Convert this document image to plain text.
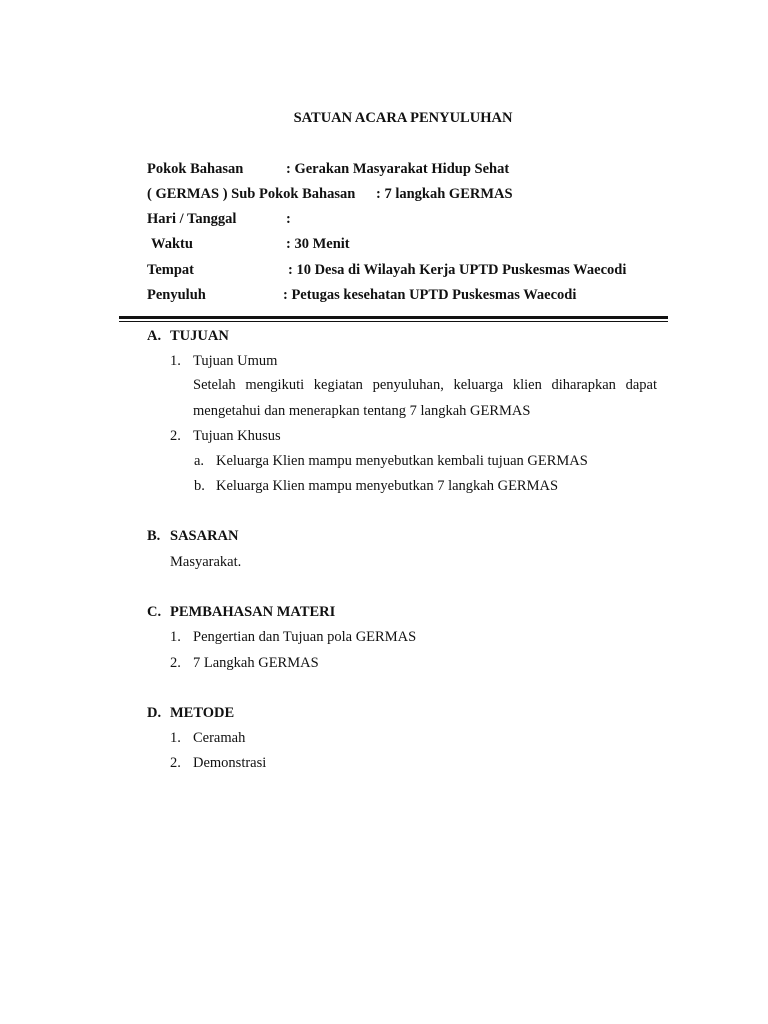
SATUAN ACARA PENYULUHAN
Pokok Bahasan	: Gerakan Masyarakat Hidup Sehat
( GERMAS ) Sub Pokok Bahasan : 7 langkah GERMAS
Hari / Tanggal	:
Waktu	: 30 Menit
Tempat	: 10 Desa di Wilayah Kerja UPTD Puskesmas Waecodi
Penyuluh	: Petugas kesehatan UPTD Puskesmas Waecodi
A. TUJUAN
1. Tujuan Umum
Setelah mengikuti kegiatan penyuluhan, keluarga klien diharapkan dapat
mengetahui dan menerapkan tentang 7 langkah GERMAS
2. Tujuan Khusus
a. Keluarga Klien mampu menyebutkan kembali tujuan GERMAS
b. Keluarga Klien mampu menyebutkan 7 langkah GERMAS
B. SASARAN
Masyarakat.
C. PEMBAHASAN MATERI
1. Pengertian dan Tujuan pola GERMAS
2. 7 Langkah GERMAS
D. METODE
1. Ceramah
2. Demonstrasi
